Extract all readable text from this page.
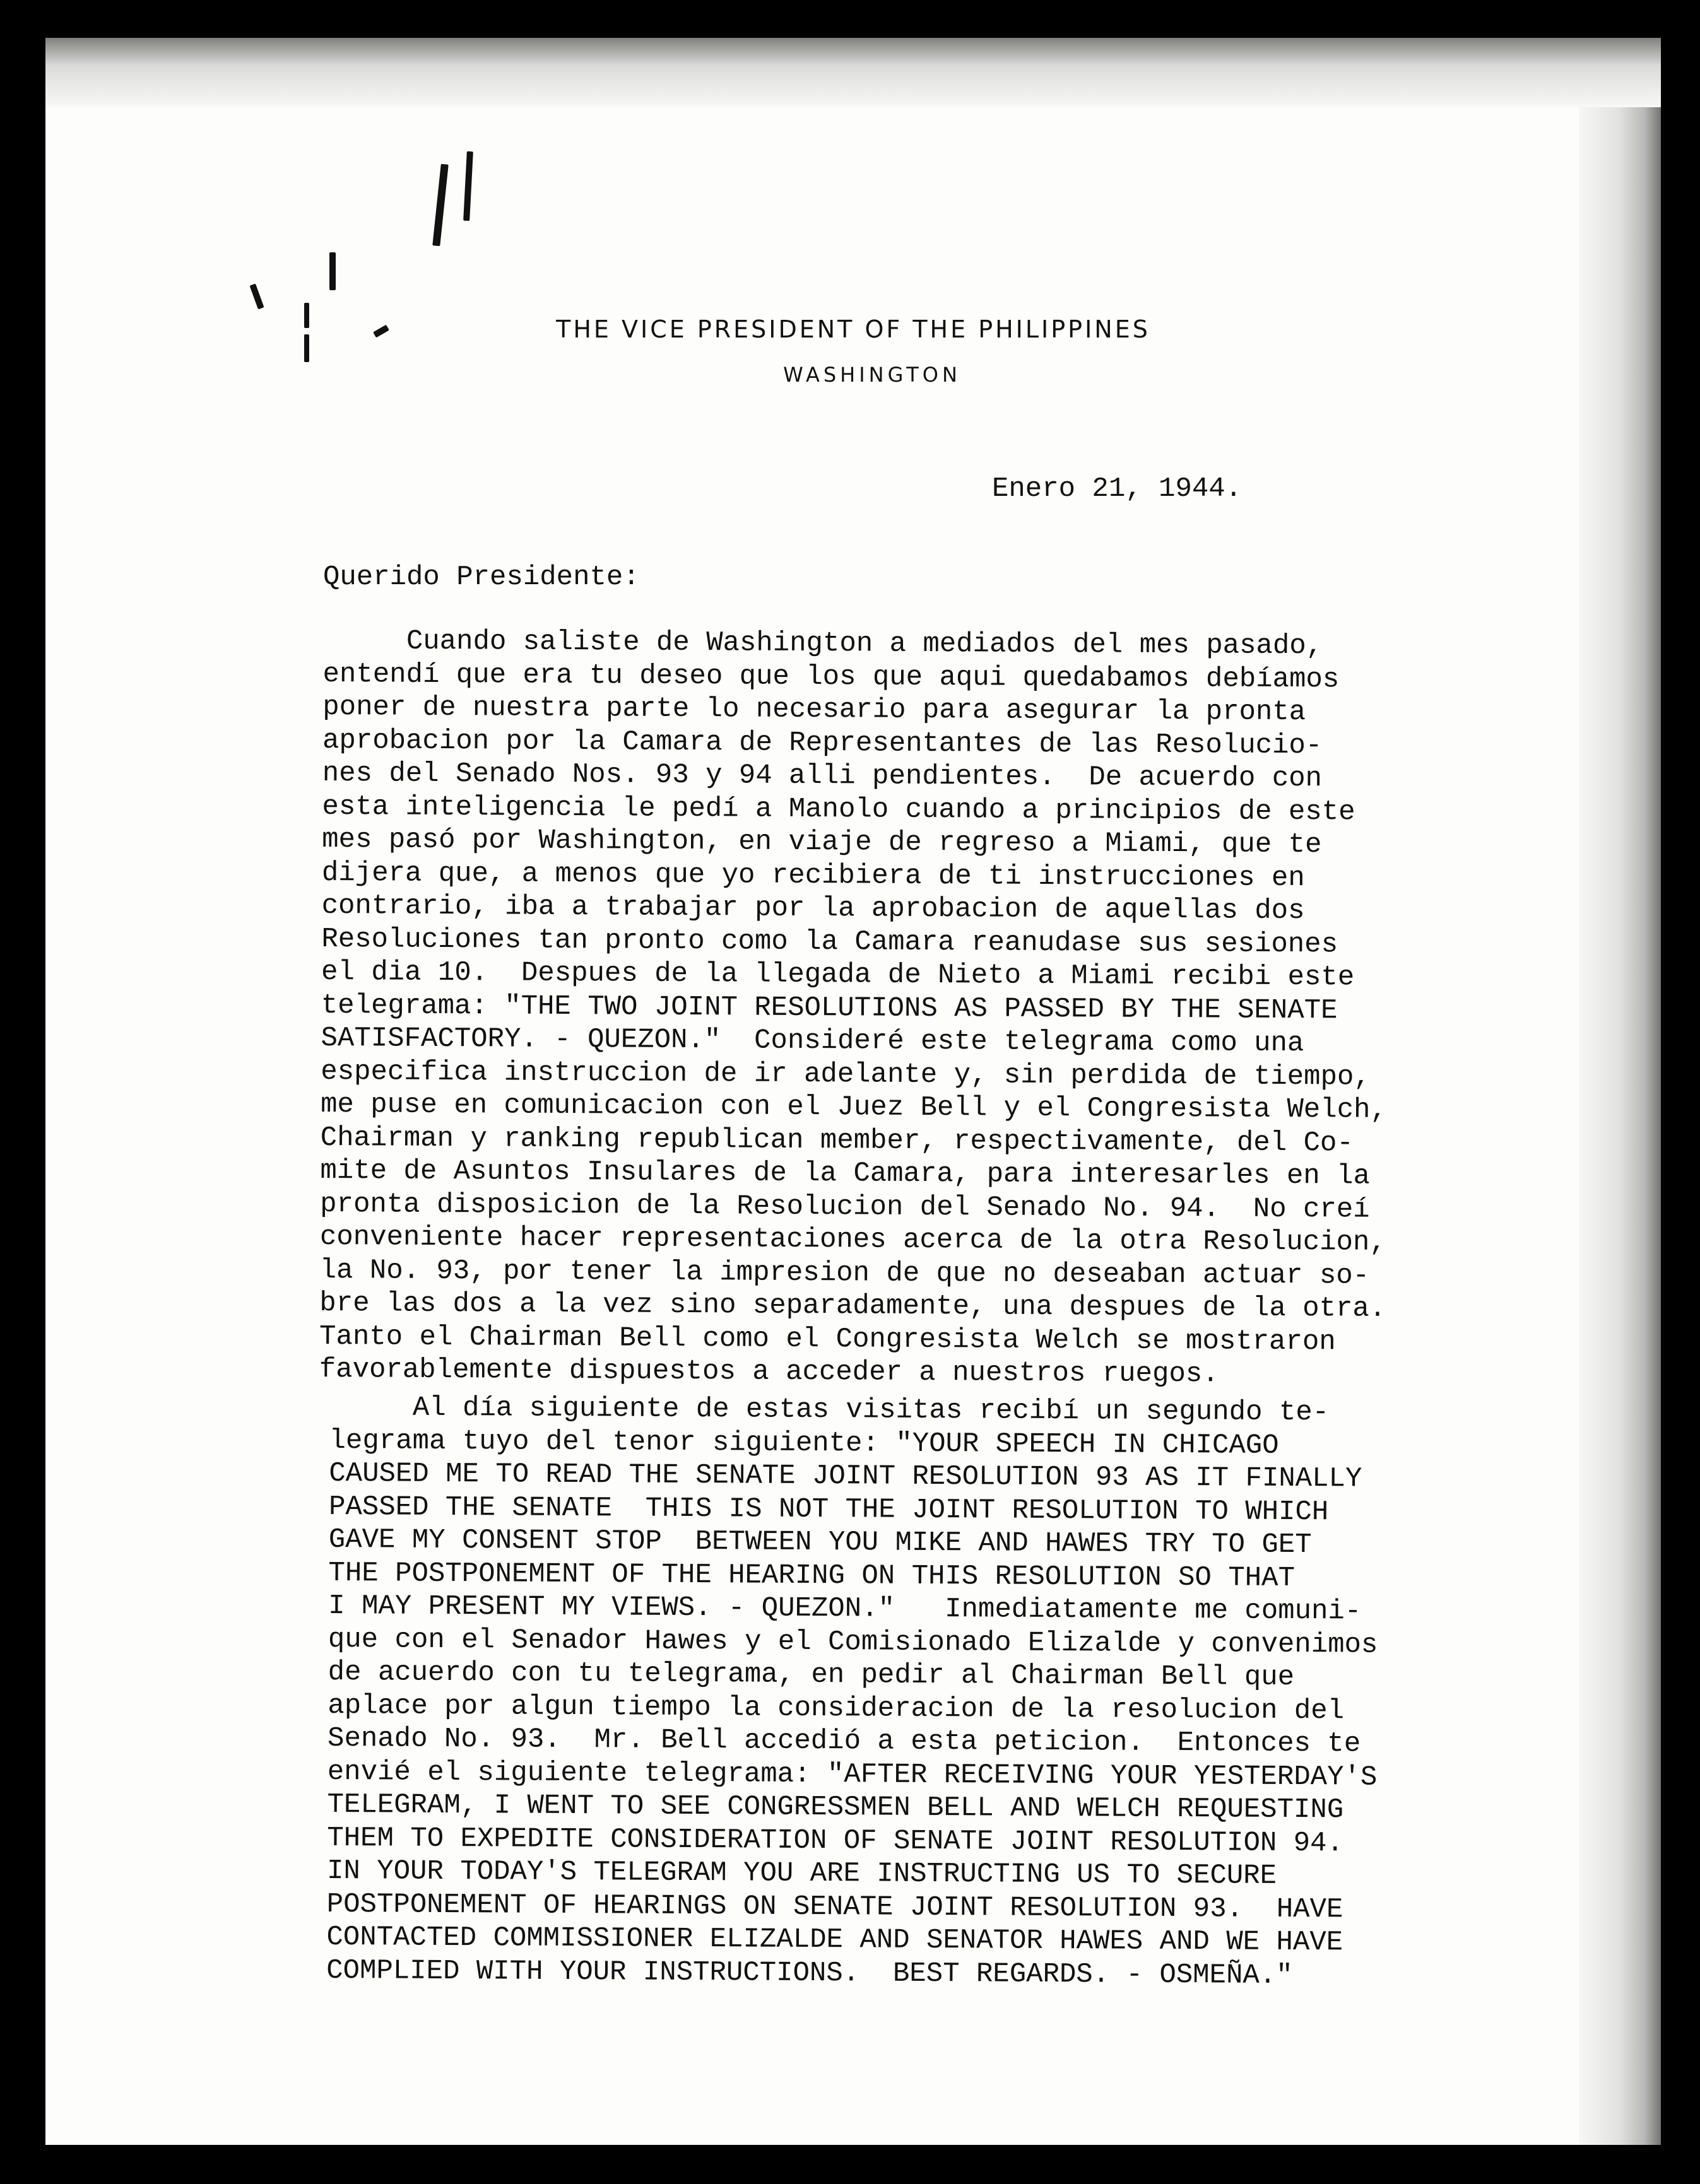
THE VICE PRESIDENT OF THE PHILIPPINES
WASHINGTON
Enero 21, 1944.
Querido Presidente:
Cuando saliste de Washington a mediados del mes pasado,
entendí que era tu deseo que los que aqui quedabamos debíamos
poner de nuestra parte lo necesario para asegurar la pronta
aprobacion por la Camara de Representantes de las Resolucio-
nes del Senado Nos. 93 y 94 alli pendientes.  De acuerdo con
esta inteligencia le pedí a Manolo cuando a principios de este
mes pasó por Washington, en viaje de regreso a Miami, que te
dijera que, a menos que yo recibiera de ti instrucciones en
contrario, iba a trabajar por la aprobacion de aquellas dos
Resoluciones tan pronto como la Camara reanudase sus sesiones
el dia 10.  Despues de la llegada de Nieto a Miami recibi este
telegrama: "THE TWO JOINT RESOLUTIONS AS PASSED BY THE SENATE
SATISFACTORY. - QUEZON."  Consideré este telegrama como una
especifica instruccion de ir adelante y, sin perdida de tiempo,
me puse en comunicacion con el Juez Bell y el Congresista Welch,
Chairman y ranking republican member, respectivamente, del Co-
mite de Asuntos Insulares de la Camara, para interesarles en la
pronta disposicion de la Resolucion del Senado No. 94.  No creí
conveniente hacer representaciones acerca de la otra Resolucion,
la No. 93, por tener la impresion de que no deseaban actuar so-
bre las dos a la vez sino separadamente, una despues de la otra.
Tanto el Chairman Bell como el Congresista Welch se mostraron
favorablemente dispuestos a acceder a nuestros ruegos.
Al día siguiente de estas visitas recibí un segundo te-
legrama tuyo del tenor siguiente: "YOUR SPEECH IN CHICAGO
CAUSED ME TO READ THE SENATE JOINT RESOLUTION 93 AS IT FINALLY
PASSED THE SENATE  THIS IS NOT THE JOINT RESOLUTION TO WHICH
GAVE MY CONSENT STOP  BETWEEN YOU MIKE AND HAWES TRY TO GET
THE POSTPONEMENT OF THE HEARING ON THIS RESOLUTION SO THAT
I MAY PRESENT MY VIEWS. - QUEZON."   Inmediatamente me comuni-
que con el Senador Hawes y el Comisionado Elizalde y convenimos
de acuerdo con tu telegrama, en pedir al Chairman Bell que
aplace por algun tiempo la consideracion de la resolucion del
Senado No. 93.  Mr. Bell accedió a esta peticion.  Entonces te
envié el siguiente telegrama: "AFTER RECEIVING YOUR YESTERDAY'S
TELEGRAM, I WENT TO SEE CONGRESSMEN BELL AND WELCH REQUESTING
THEM TO EXPEDITE CONSIDERATION OF SENATE JOINT RESOLUTION 94.
IN YOUR TODAY'S TELEGRAM YOU ARE INSTRUCTING US TO SECURE
POSTPONEMENT OF HEARINGS ON SENATE JOINT RESOLUTION 93.  HAVE
CONTACTED COMMISSIONER ELIZALDE AND SENATOR HAWES AND WE HAVE
COMPLIED WITH YOUR INSTRUCTIONS.  BEST REGARDS. - OSMEÑA."
